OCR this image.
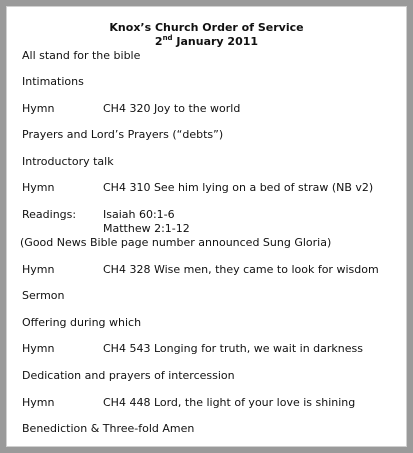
Knox’s Church Order of Service
2nd January 2011
All stand for the bible
Intimations
Hymn	CH4 320 Joy to the world
Prayers and Lord’s Prayers (“debts”)
Introductory talk
Hymn	CH4 310 See him lying on a bed of straw (NB v2)
Readings: Isaiah 60:1-6
Matthew 2:1-12
(Good News Bible page number announced Sung Gloria)
Hymn	CH4 328 Wise men, they came to look for wisdom
Sermon
Offering during which
Hymn	CH4 543 Longing for truth, we wait in darkness
Dedication and prayers of intercession
Hymn	CH4 448 Lord, the light of your love is shining
Benediction & Three-fold Amen
